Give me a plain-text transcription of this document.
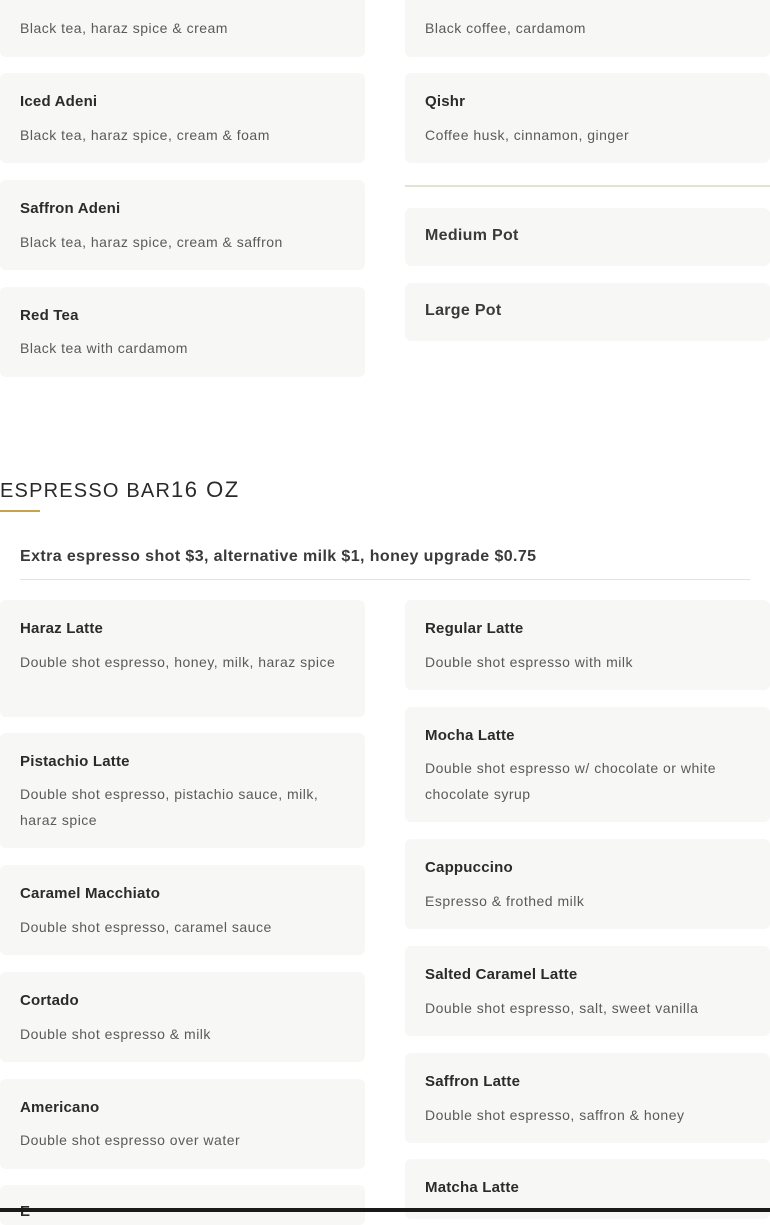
Black tea, haraz spice & cream	Black coffee, cardamom
Iced Adeni
Black tea, haraz spice, cream & foam
Qishr
Coffee husk, cinnamon, ginger
Saffron Adeni
Black tea, haraz spice, cream & saffron	Medium Pot
Red Tea
Black tea with cardamom
Large Pot
ESPRESSO BAR 16 OZ
Extra espresso shot $3, alternative milk $1, honey upgrade $0.75
Haraz Latte
Double shot espresso, honey, milk, haraz spice
Pistachio Latte
Double shot espresso, pistachio sauce, milk, haraz spice
Caramel Macchiato
Double shot espresso, caramel sauce
Cortado
Double shot espresso & milk
Americano
Double shot espresso over water
Regular Latte
Double shot espresso with milk
Mocha Latte
Double shot espresso w/ chocolate or white chocolate syrup
Cappuccino
Espresso & frothed milk
Salted Caramel Latte
Double shot espresso, salt, sweet vanilla
Saffron Latte
Double shot espresso, saffron & honey
Matcha Latte
